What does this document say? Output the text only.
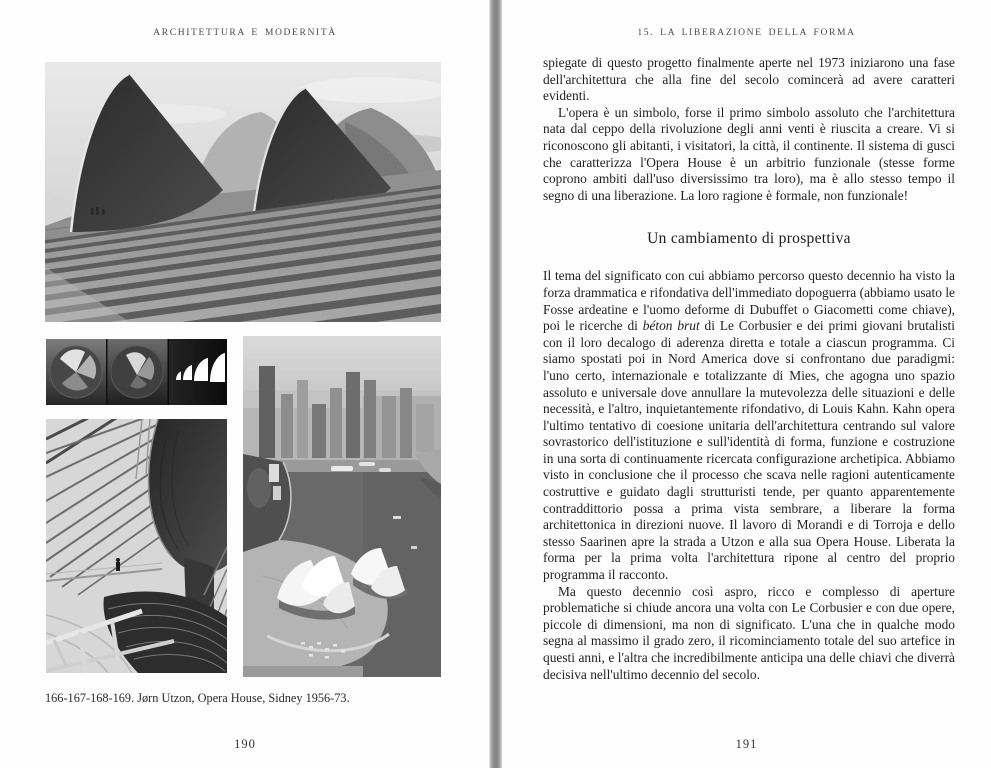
ARCHITETTURA E MODERNITÀ
166-167-168-169. Jørn Utzon, Opera House, Sidney 1956-73.
190
15. LA LIBERAZIONE DELLA FORMA

spiegate di questo progetto finalmente aperte nel 1973 iniziarono una fase dell'architettura che alla fine del secolo comincerà ad avere caratteri evidenti.

L'opera è un simbolo, forse il primo simbolo assoluto che l'architettura nata dal ceppo della rivoluzione degli anni venti è riuscita a creare. Vi si riconoscono gli abitanti, i visitatori, la città, il continente. Il sistema di gusci che caratterizza l'Opera House è un arbitrio funzionale (stesse forme coprono ambiti dall'uso diversissimo tra loro), ma è allo stesso tempo il segno di una liberazione. La loro ragione è formale, non funzionale!

Un cambiamento di prospettiva

Il tema del significato con cui abbiamo percorso questo decennio ha visto la forza drammatica e rifondativa dell'immediato dopoguerra (abbiamo usato le Fosse ardeatine e l'uomo deforme di Dubuffet o Giacometti come chiave), poi le ricerche di béton brut di Le Corbusier e dei primi giovani brutalisti con il loro decalogo di aderenza diretta e totale a ciascun programma. Ci siamo spostati poi in Nord America dove si confrontano due paradigmi: l'uno certo, internazionale e totalizzante di Mies, che agogna uno spazio assoluto e universale dove annullare la mutevolezza delle situazioni e delle necessità, e l'altro, inquietantemente rifondativo, di Louis Kahn. Kahn opera l'ultimo tentativo di coesione unitaria dell'architettura centrando sul valore sovrastorico dell'istituzione e sull'identità di forma, funzione e costruzione in una sorta di continuamente ricercata configurazione archetipica. Abbiamo visto in conclusione che il processo che scava nelle ragioni autenticamente costruttive e guidato dagli strutturisti tende, per quanto apparentemente contraddittorio possa a prima vista sembrare, a liberare la forma architettonica in direzioni nuove. Il lavoro di Morandi e di Torroja e dello stesso Saarinen apre la strada a Utzon e alla sua Opera House. Liberata la forma per la prima volta l'architettura ripone al centro del proprio programma il racconto.

Ma questo decennio così aspro, ricco e complesso di aperture problematiche si chiude ancora una volta con Le Corbusier e con due opere, piccole di dimensioni, ma non di significato. L'una che in qualche modo segna al massimo il grado zero, il ricominciamento totale del suo artefice in questi anni, e l'altra che incredibilmente anticipa una delle chiavi che diverrà decisiva nell'ultimo decennio del secolo.

191
